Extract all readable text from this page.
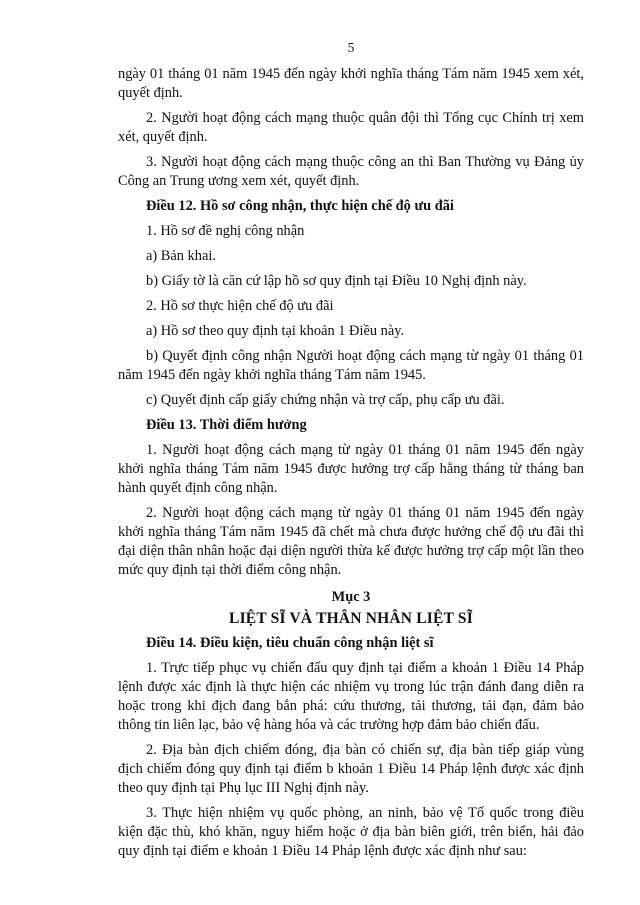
5

ngày 01 tháng 01 năm 1945 đến ngày khởi nghĩa tháng Tám năm 1945 xem xét, quyết định.

2. Người hoạt động cách mạng thuộc quân đội thì Tổng cục Chính trị xem xét, quyết định.

3. Người hoạt động cách mạng thuộc công an thì Ban Thường vụ Đảng ủy Công an Trung ương xem xét, quyết định.

Điều 12. Hồ sơ công nhận, thực hiện chế độ ưu đãi

1. Hồ sơ đề nghị công nhận

a) Bản khai.

b) Giấy tờ là căn cứ lập hồ sơ quy định tại Điều 10 Nghị định này.

2. Hồ sơ thực hiện chế độ ưu đãi

a) Hồ sơ theo quy định tại khoản 1 Điều này.

b) Quyết định công nhận Người hoạt động cách mạng từ ngày 01 tháng 01 năm 1945 đến ngày khởi nghĩa tháng Tám năm 1945.

c) Quyết định cấp giấy chứng nhận và trợ cấp, phụ cấp ưu đãi.

Điều 13. Thời điểm hưởng

1. Người hoạt động cách mạng từ ngày 01 tháng 01 năm 1945 đến ngày khởi nghĩa tháng Tám năm 1945 được hưởng trợ cấp hằng tháng từ tháng ban hành quyết định công nhận.

2. Người hoạt động cách mạng từ ngày 01 tháng 01 năm 1945 đến ngày khởi nghĩa tháng Tám năm 1945 đã chết mà chưa được hưởng chế độ ưu đãi thì đại diện thân nhân hoặc đại diện người thừa kế được hưởng trợ cấp một lần theo mức quy định tại thời điểm công nhận.

Mục 3
LIỆT SĨ VÀ THÂN NHÂN LIỆT SĨ

Điều 14. Điều kiện, tiêu chuẩn công nhận liệt sĩ

1. Trực tiếp phục vụ chiến đấu quy định tại điểm a khoản 1 Điều 14 Pháp lệnh được xác định là thực hiện các nhiệm vụ trong lúc trận đánh đang diễn ra hoặc trong khi địch đang bắn phá: cứu thương, tải thương, tải đạn, đảm bảo thông tin liên lạc, bảo vệ hàng hóa và các trường hợp đảm bảo chiến đấu.

2. Địa bàn địch chiếm đóng, địa bàn có chiến sự, địa bàn tiếp giáp vùng địch chiếm đóng quy định tại điểm b khoản 1 Điều 14 Pháp lệnh được xác định theo quy định tại Phụ lục III Nghị định này.

3. Thực hiện nhiệm vụ quốc phòng, an ninh, bảo vệ Tổ quốc trong điều kiện đặc thù, khó khăn, nguy hiểm hoặc ở địa bàn biên giới, trên biển, hải đảo quy định tại điểm e khoản 1 Điều 14 Pháp lệnh được xác định như sau:
